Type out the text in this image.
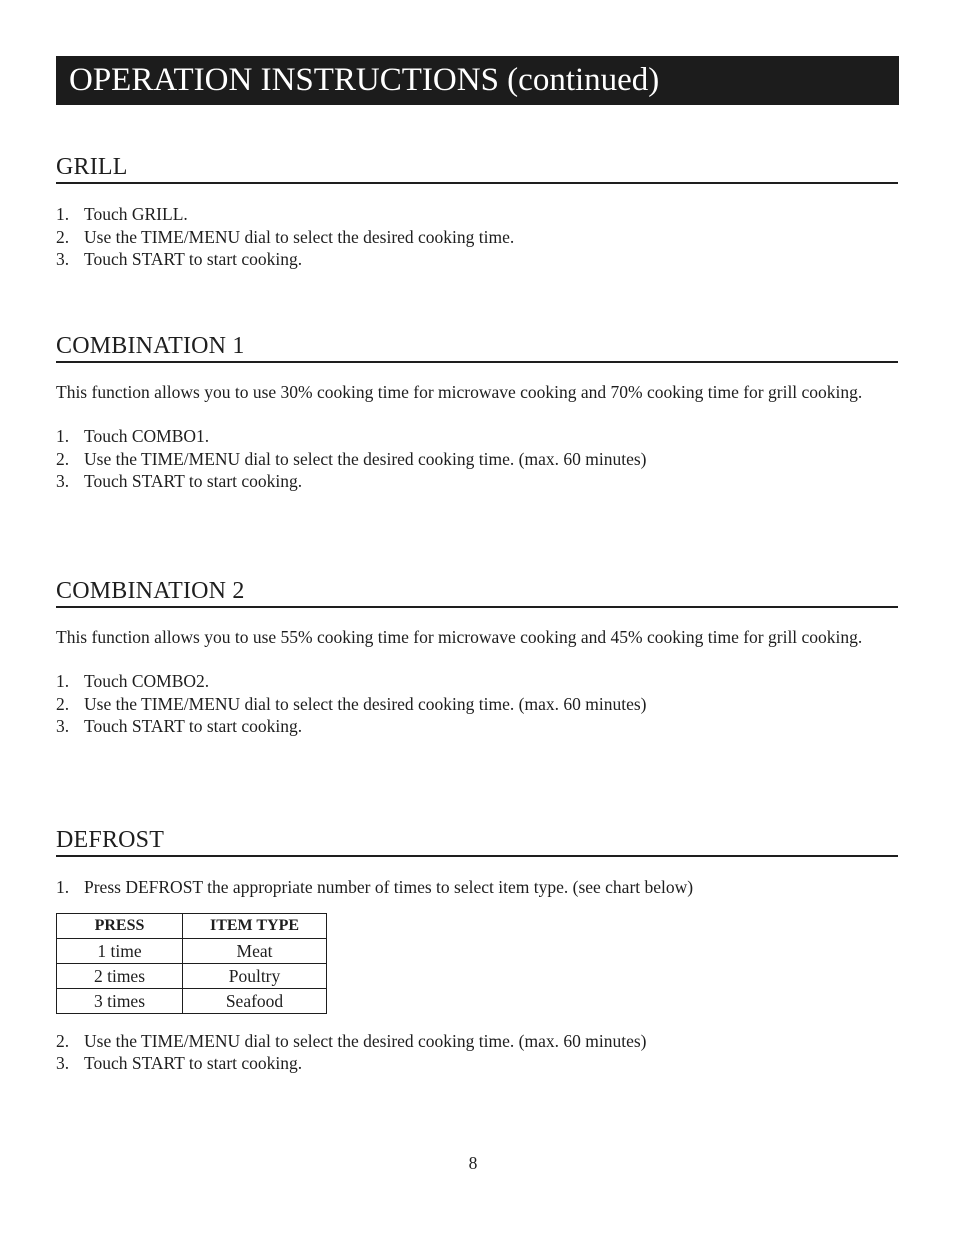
OPERATION INSTRUCTIONS (continued)
GRILL
1. Touch GRILL.
2. Use the TIME/MENU dial to select the desired cooking time.
3. Touch START to start cooking.
COMBINATION 1

This function allows you to use 30% cooking time for microwave cooking and 70% cooking time for grill cooking.

1. Touch COMBO1.
2. Use the TIME/MENU dial to select the desired cooking time. (max. 60 minutes)
3. Touch START to start cooking.
COMBINATION 2

This function allows you to use 55% cooking time for microwave cooking and 45% cooking time for grill cooking.

1. Touch COMBO2.
2. Use the TIME/MENU dial to select the desired cooking time. (max. 60 minutes)
3. Touch START to start cooking.
DEFROST
1. Press DEFROST the appropriate number of times to select item type. (see chart below)
PRESS	ITEM TYPE
1 time	Meat
2 times	Poultry
3 times	Seafood
2. Use the TIME/MENU dial to select the desired cooking time. (max. 60 minutes)
3. Touch START to start cooking.
8
